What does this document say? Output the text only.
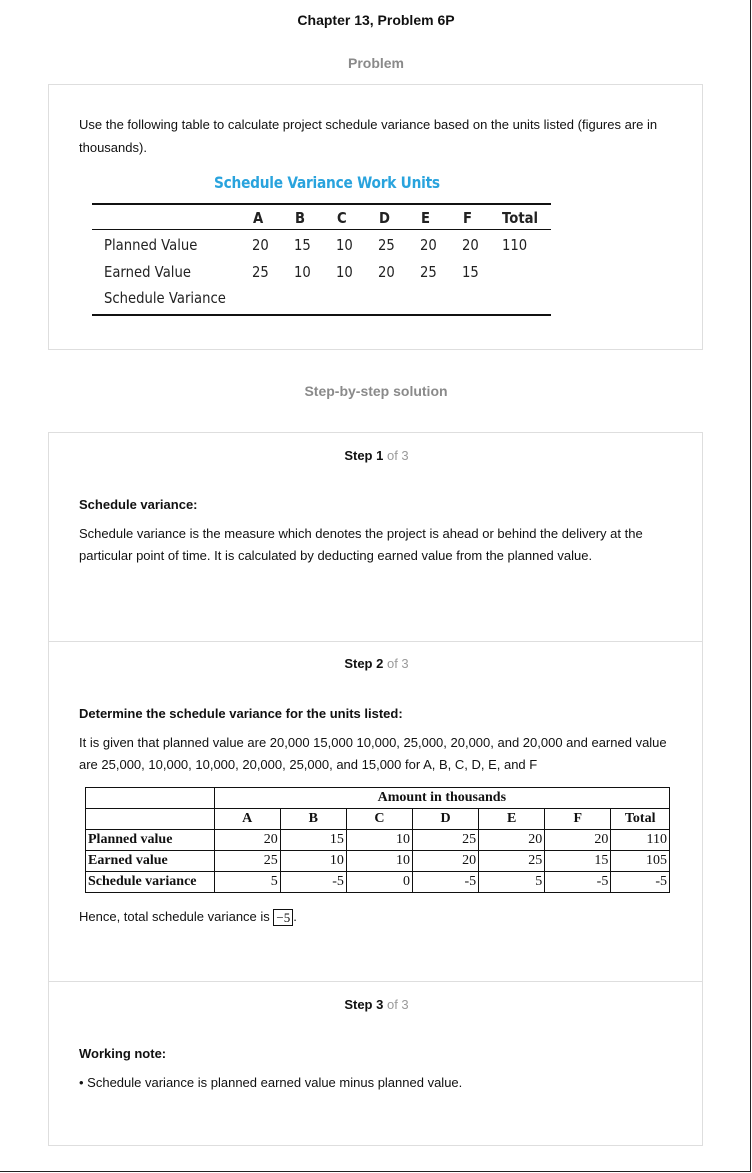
Chapter 13, Problem 6P
Problem
Use the following table to calculate project schedule variance based on the units listed (figures are in thousands).
Schedule Variance Work Units
A B C D E F Total
Planned Value	20 15 10 25 20 20 110
Earned Value	25 10 10 20 25 15
Schedule Variance
Step-by-step solution
Step 1 of 3
Schedule variance:
Schedule variance is the measure which denotes the project is ahead or behind the delivery at the particular point of time. It is calculated by deducting earned value from the planned value.
Step 2 of 3
Determine the schedule variance for the units listed:
It is given that planned value are 20,000 15,000 10,000, 25,000, 20,000, and 20,000 and earned value are 25,000, 10,000, 10,000, 20,000, 25,000, and 15,000 for A, B, C, D, E, and F
	Amount in thousands						
	A	B	C	D	E	F	Total
Planned value	20	15	10	25	20	20	110
Earned value	25	10	10	20	25	15	105
Schedule variance	5	-5	0	-5	5	-5	-5
Hence, total schedule variance is −5 .
Step 3 of 3
Working note:
• Schedule variance is planned earned value minus planned value.
